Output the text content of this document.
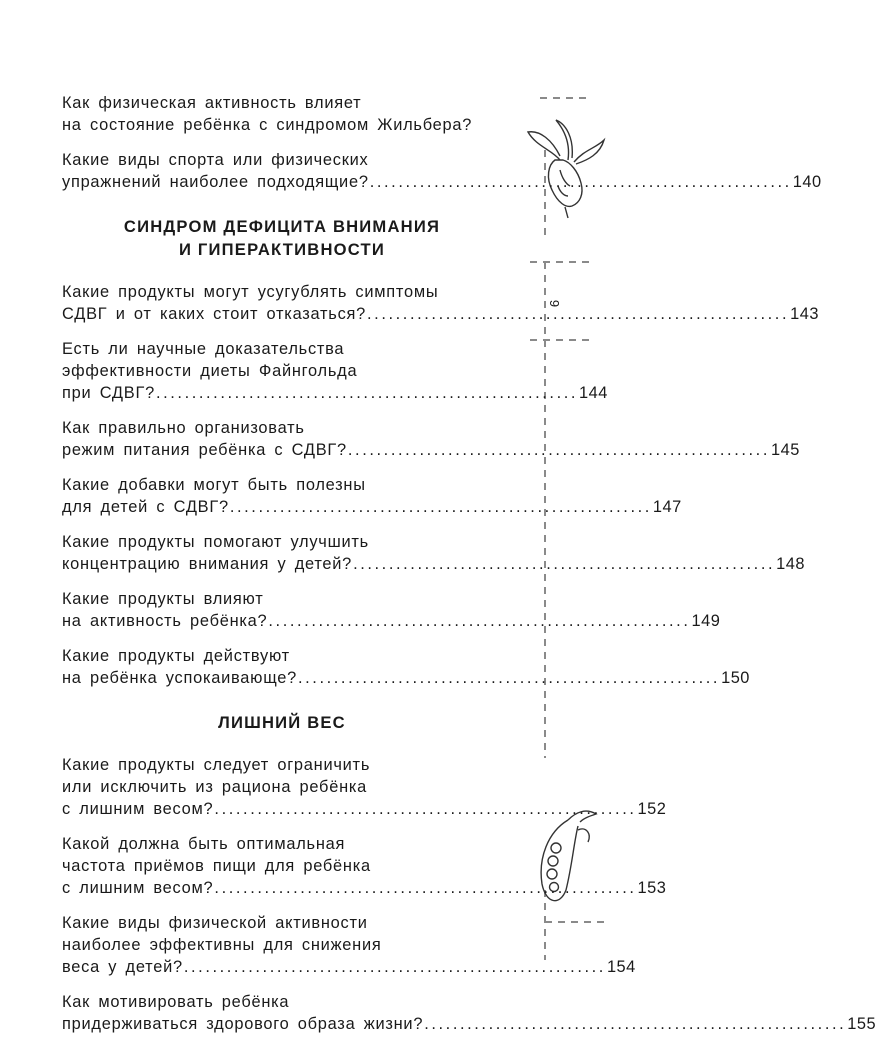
9
Как физическая активность влияет
на состояние ребёнка с синдромом Жильбера?
Какие виды спорта или физических
упражнений наиболее подходящие? ........................................................... 140
СИНДРОМ ДЕФИЦИТА ВНИМАНИЯ
И ГИПЕРАКТИВНОСТИ
Какие продукты могут усугублять симптомы
СДВГ и от каких стоит отказаться? ........................................................... 143
Есть ли научные доказательства
эффективности диеты Файнгольда
при СДВГ? ........................................................... 144
Как правильно организовать
режим питания ребёнка с СДВГ? ........................................................... 145
Какие добавки могут быть полезны
для детей с СДВГ? ........................................................... 147
Какие продукты помогают улучшить
концентрацию внимания у детей? ........................................................... 148
Какие продукты влияют
на активность ребёнка? ........................................................... 149
Какие продукты действуют
на ребёнка успокаивающе? ........................................................... 150
ЛИШНИЙ ВЕС
Какие продукты следует ограничить
или исключить из рациона ребёнка
с лишним весом? ........................................................... 152
Какой должна быть оптимальная
частота приёмов пищи для ребёнка
с лишним весом? ........................................................... 153
Какие виды физической активности
наиболее эффективны для снижения
веса у детей? ........................................................... 154
Как мотивировать ребёнка
придерживаться здорового образа жизни? ........................................................... 155
